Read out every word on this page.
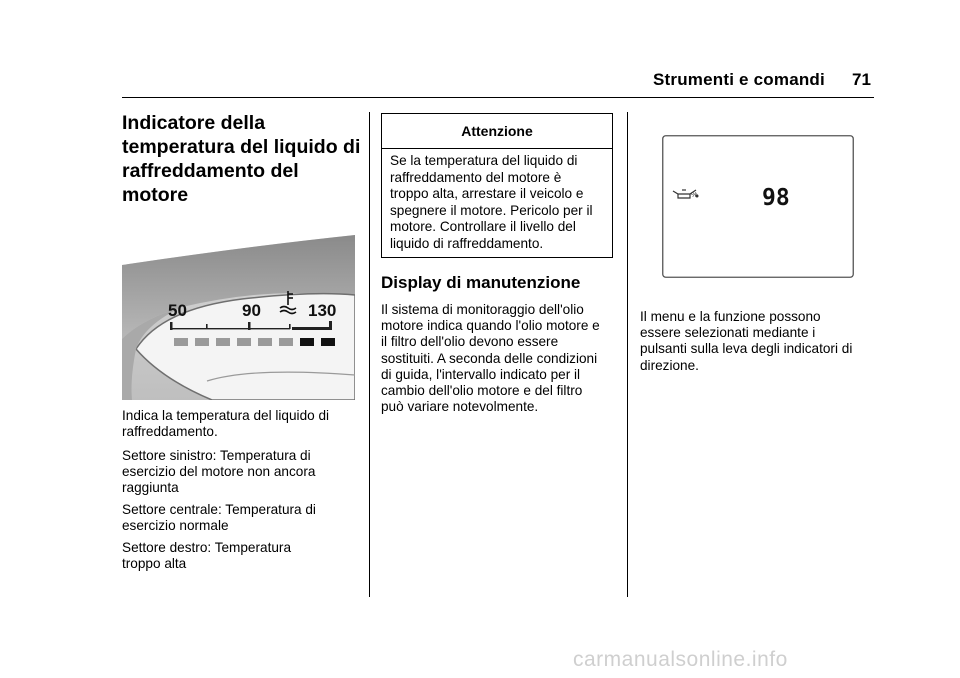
Strumenti e comandi 71
Indicatore della
temperatura del liquido di
raffreddamento del
motore
50	90	130
Indica la temperatura del liquido di
raffreddamento.
Settore sinistro: Temperatura di
esercizio del motore non ancora
raggiunta
Settore centrale: Temperatura di
esercizio normale
Settore destro: Temperatura
troppo alta
Attenzione
Se la temperatura del liquido di
raffreddamento del motore è
troppo alta, arrestare il veicolo e
spegnere il motore. Pericolo per il
motore. Controllare il livello del
liquido di raffreddamento.
Display di manutenzione
Il sistema di monitoraggio dell'olio
motore indica quando l'olio motore e
il filtro dell'olio devono essere
sostituiti. A seconda delle condizioni
di guida, l'intervallo indicato per il
cambio dell'olio motore e del filtro
può variare notevolmente.
%	98
Il menu e la funzione possono
essere selezionati mediante i
pulsanti sulla leva degli indicatori di
direzione.
carmanualsonline.info
